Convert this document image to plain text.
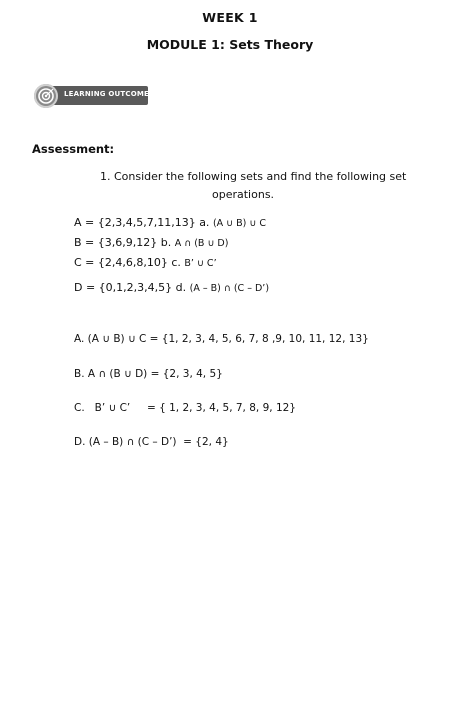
WEEK 1
MODULE 1: Sets Theory
LEARNING OUTCOME
Assessment:
1. Consider the following sets and find the following set
operations.
A = {2,3,4,5,7,11,13} a. (A ∪ B) ∪ C
B = {3,6,9,12} b. A ∩ (B ∪ D)
C = {2,4,6,8,10} c. B’ ∪ C’
D = {0,1,2,3,4,5} d. (A – B) ∩ (C – D’)
A. (A ∪ B) ∪ C = {1, 2, 3, 4, 5, 6, 7, 8 ,9, 10, 11, 12, 13}
B. A ∩ (B ∪ D) = {2, 3, 4, 5}
C.   B’ ∪ C’     = { 1, 2, 3, 4, 5, 7, 8, 9, 12}
D. (A – B) ∩ (C – D’)  = {2, 4}
